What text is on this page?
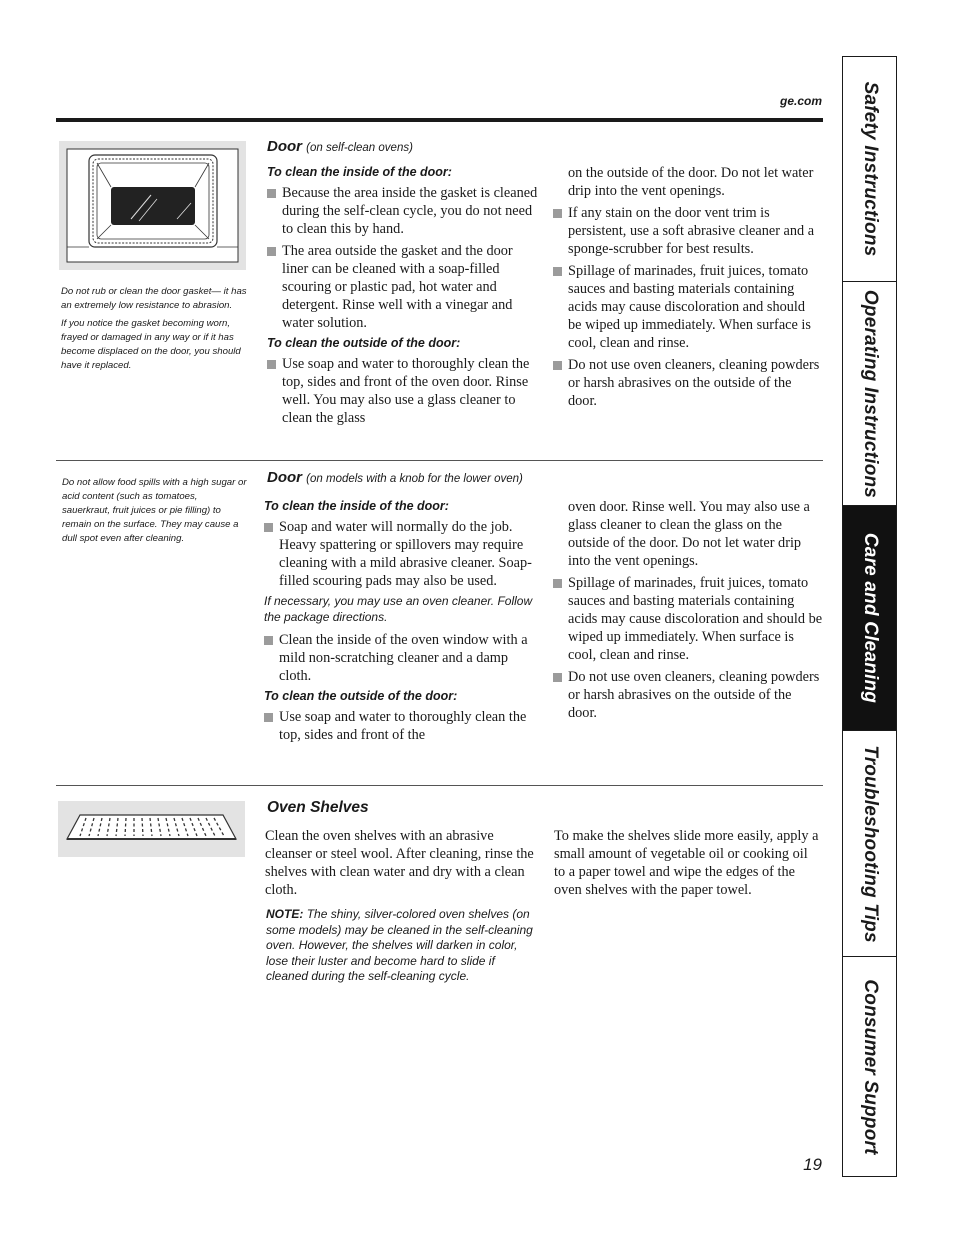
ge.com

Do not rub or clean the door gasket— it has an extremely low resistance to abrasion.

If you notice the gasket becoming worn, frayed or damaged in any way or if it has become displaced on the door, you should have it replaced.

Door (on self-clean ovens)
To clean the inside of the door:
Because the area inside the gasket is cleaned during the self-clean cycle, you do not need to clean this by hand.
The area outside the gasket and the door liner can be cleaned with a soap-filled scouring or plastic pad, hot water and detergent. Rinse well with a vinegar and water solution.
To clean the outside of the door:
Use soap and water to thoroughly clean the top, sides and front of the oven door. Rinse well. You may also use a glass cleaner to clean the glass
on the outside of the door. Do not let water drip into the vent openings.
If any stain on the door vent trim is persistent, use a soft abrasive cleaner and a sponge-scrubber for best results.
Spillage of marinades, fruit juices, tomato sauces and basting materials containing acids may cause discoloration and should be wiped up immediately. When surface is cool, clean and rinse.
Do not use oven cleaners, cleaning powders or harsh abrasives on the outside of the door.
Do not allow food spills with a high sugar or acid content (such as tomatoes, sauerkraut, fruit juices or pie filling) to remain on the surface. They may cause a dull spot even after cleaning.
Door (on models with a knob for the lower oven)
To clean the inside of the door:
Soap and water will normally do the job. Heavy spattering or spillovers may require cleaning with a mild abrasive cleaner. Soap-filled scouring pads may also be used.
If necessary, you may use an oven cleaner. Follow the package directions.
Clean the inside of the oven window with a mild non-scratching cleaner and a damp cloth.
To clean the outside of the door:
Use soap and water to thoroughly clean the top, sides and front of the
oven door. Rinse well. You may also use a glass cleaner to clean the glass on the outside of the door. Do not let water drip into the vent openings.
Spillage of marinades, fruit juices, tomato sauces and basting materials containing acids may cause discoloration and should be wiped up immediately. When surface is cool, clean and rinse.
Do not use oven cleaners, cleaning powders or harsh abrasives on the outside of the door.
Oven Shelves

Clean the oven shelves with an abrasive cleanser or steel wool. After cleaning, rinse the shelves with clean water and dry with a clean cloth.

NOTE: The shiny, silver-colored oven shelves (on some models) may be cleaned in the self-cleaning oven. However, the shelves will darken in color, lose their luster and become hard to slide if cleaned during the self-cleaning cycle.

To make the shelves slide more easily, apply a small amount of vegetable oil or cooking oil to a paper towel and wipe the edges of the oven shelves with the paper towel.

Safety Instructions
Operating Instructions
Care and Cleaning
Troubleshooting Tips
Consumer Support
19
